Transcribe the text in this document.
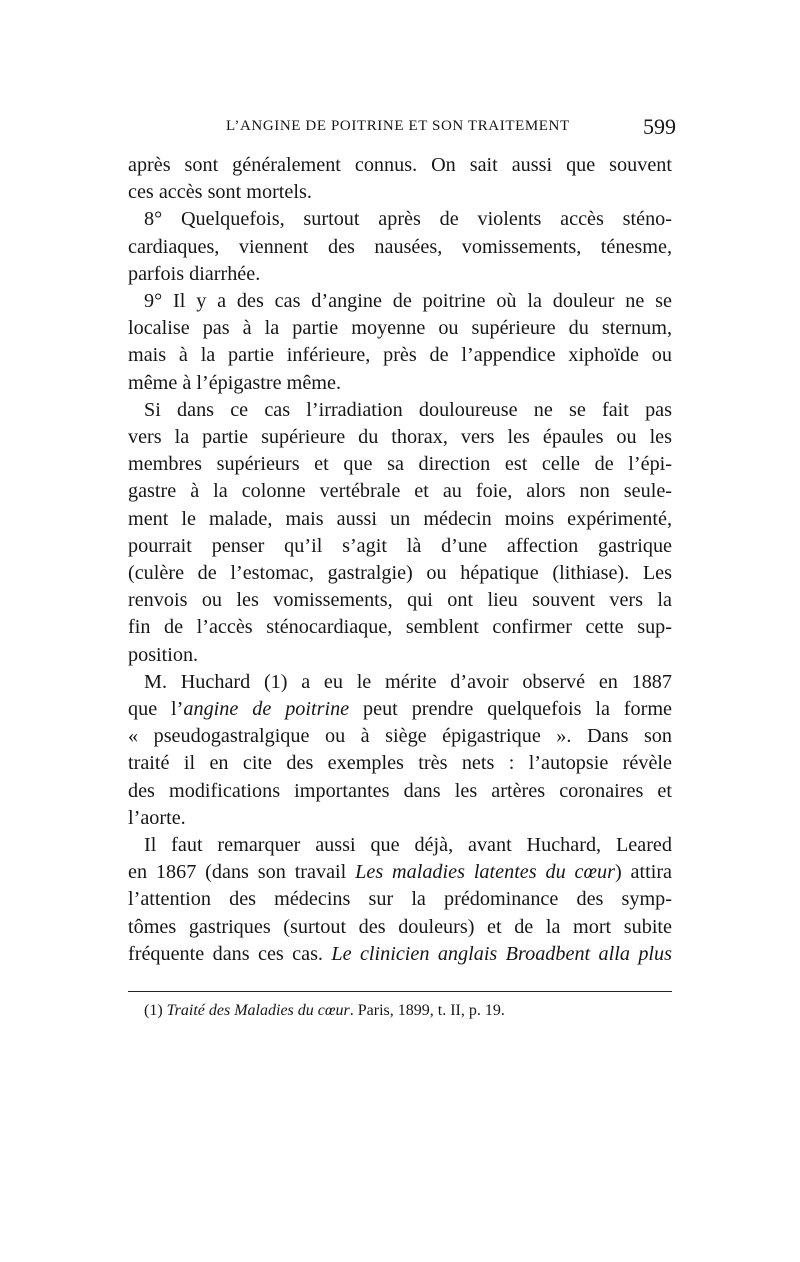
L’ANGINE DE POITRINE ET SON TRAITEMENT	599
après sont généralement connus. On sait aussi que souvent
ces accès sont mortels.
8° Quelquefois, surtout après de violents accès sténo-
cardiaques, viennent des nausées, vomissements, ténesme,
parfois diarrhée.
9° Il y a des cas d’angine de poitrine où la douleur ne se
localise pas à la partie moyenne ou supérieure du sternum,
mais à la partie inférieure, près de l’appendice xiphoïde ou
même à l’épigastre même.
Si dans ce cas l’irradiation douloureuse ne se fait pas
vers la partie supérieure du thorax, vers les épaules ou les
membres supérieurs et que sa direction est celle de l’épi-
gastre à la colonne vertébrale et au foie, alors non seule-
ment le malade, mais aussi un médecin moins expérimenté,
pourrait penser qu’il s’agit là d’une affection gastrique
(culère de l’estomac, gastralgie) ou hépatique (lithiase). Les
renvois ou les vomissements, qui ont lieu souvent vers la
fin de l’accès sténocardiaque, semblent confirmer cette sup-
position.
M. Huchard (1) a eu le mérite d’avoir observé en 1887
que l’angine de poitrine peut prendre quelquefois la forme
« pseudogastralgique ou à siège épigastrique ». Dans son
traité il en cite des exemples très nets : l’autopsie révèle
des modifications importantes dans les artères coronaires et
l’aorte.
Il faut remarquer aussi que déjà, avant Huchard, Leared
en 1867 (dans son travail Les maladies latentes du cœur) attira
l’attention des médecins sur la prédominance des symp-
tômes gastriques (surtout des douleurs) et de la mort subite
fréquente dans ces cas. Le clinicien anglais Broadbent alla plus
(1) Traité des Maladies du cœur. Paris, 1899, t. II, p. 19.
